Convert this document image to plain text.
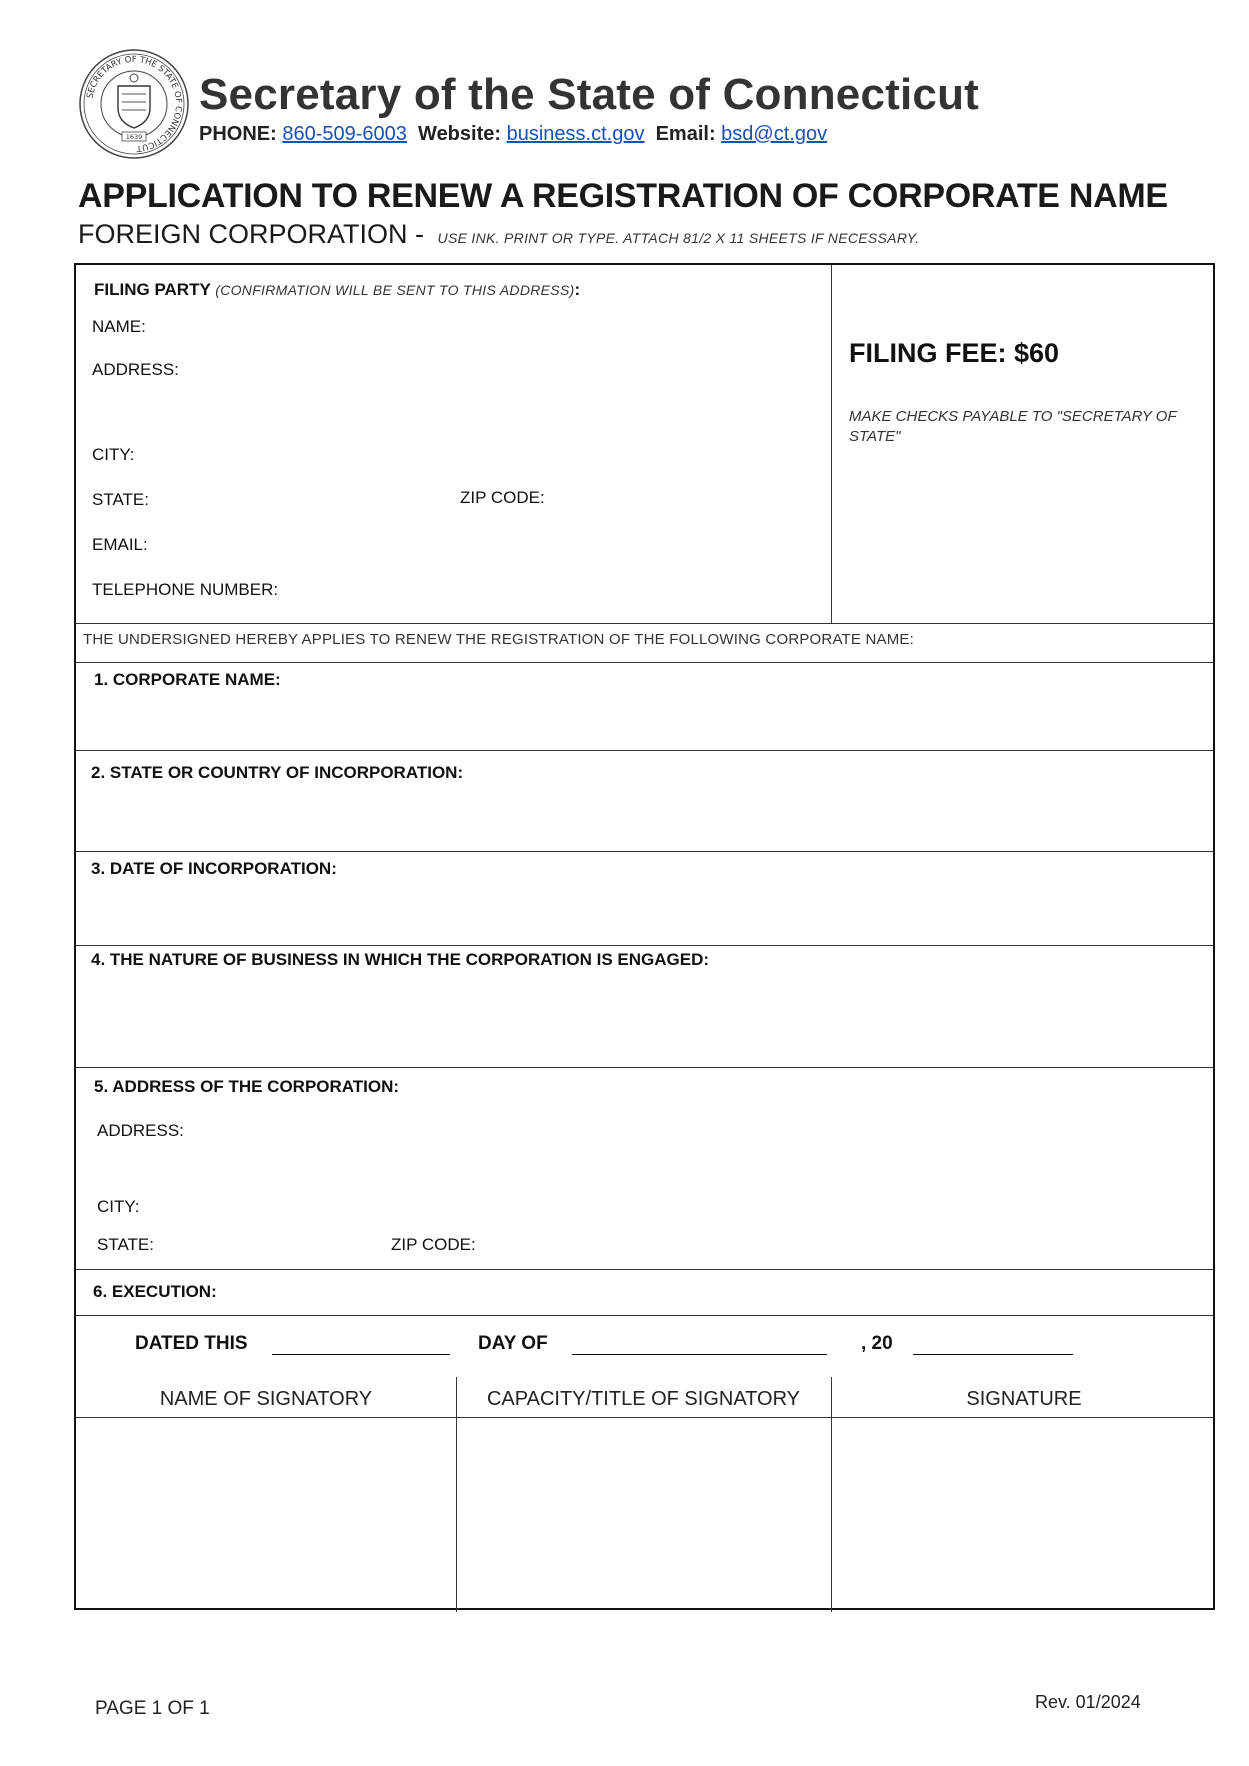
SECRETARY OF THE STATE OF CONNECTICUT
1639
Secretary of the State of Connecticut
PHONE: 860-509-6003 Website: business.ct.gov Email: bsd@ct.gov
APPLICATION TO RENEW A REGISTRATION OF CORPORATE NAME
FOREIGN CORPORATION - USE INK. PRINT OR TYPE. ATTACH 81/2 X 11 SHEETS IF NECESSARY.
FILING PARTY (CONFIRMATION WILL BE SENT TO THIS ADDRESS):
NAME:
ADDRESS:
CITY:
STATE:	ZIP CODE:
EMAIL:
TELEPHONE NUMBER:
FILING FEE: $60
MAKE CHECKS PAYABLE TO "SECRETARY OF STATE"
THE UNDERSIGNED HEREBY APPLIES TO RENEW THE REGISTRATION OF THE FOLLOWING CORPORATE NAME:
1. CORPORATE NAME:
2. STATE OR COUNTRY OF INCORPORATION:
3. DATE OF INCORPORATION:
4. THE NATURE OF BUSINESS IN WHICH THE CORPORATION IS ENGAGED:
5. ADDRESS OF THE CORPORATION:
ADDRESS:
CITY:
STATE:	ZIP CODE:
6. EXECUTION:
DATED THIS	DAY OF	, 20
NAME OF SIGNATORY	CAPACITY/TITLE OF SIGNATORY	SIGNATURE
PAGE 1 OF 1	Rev. 01/2024
